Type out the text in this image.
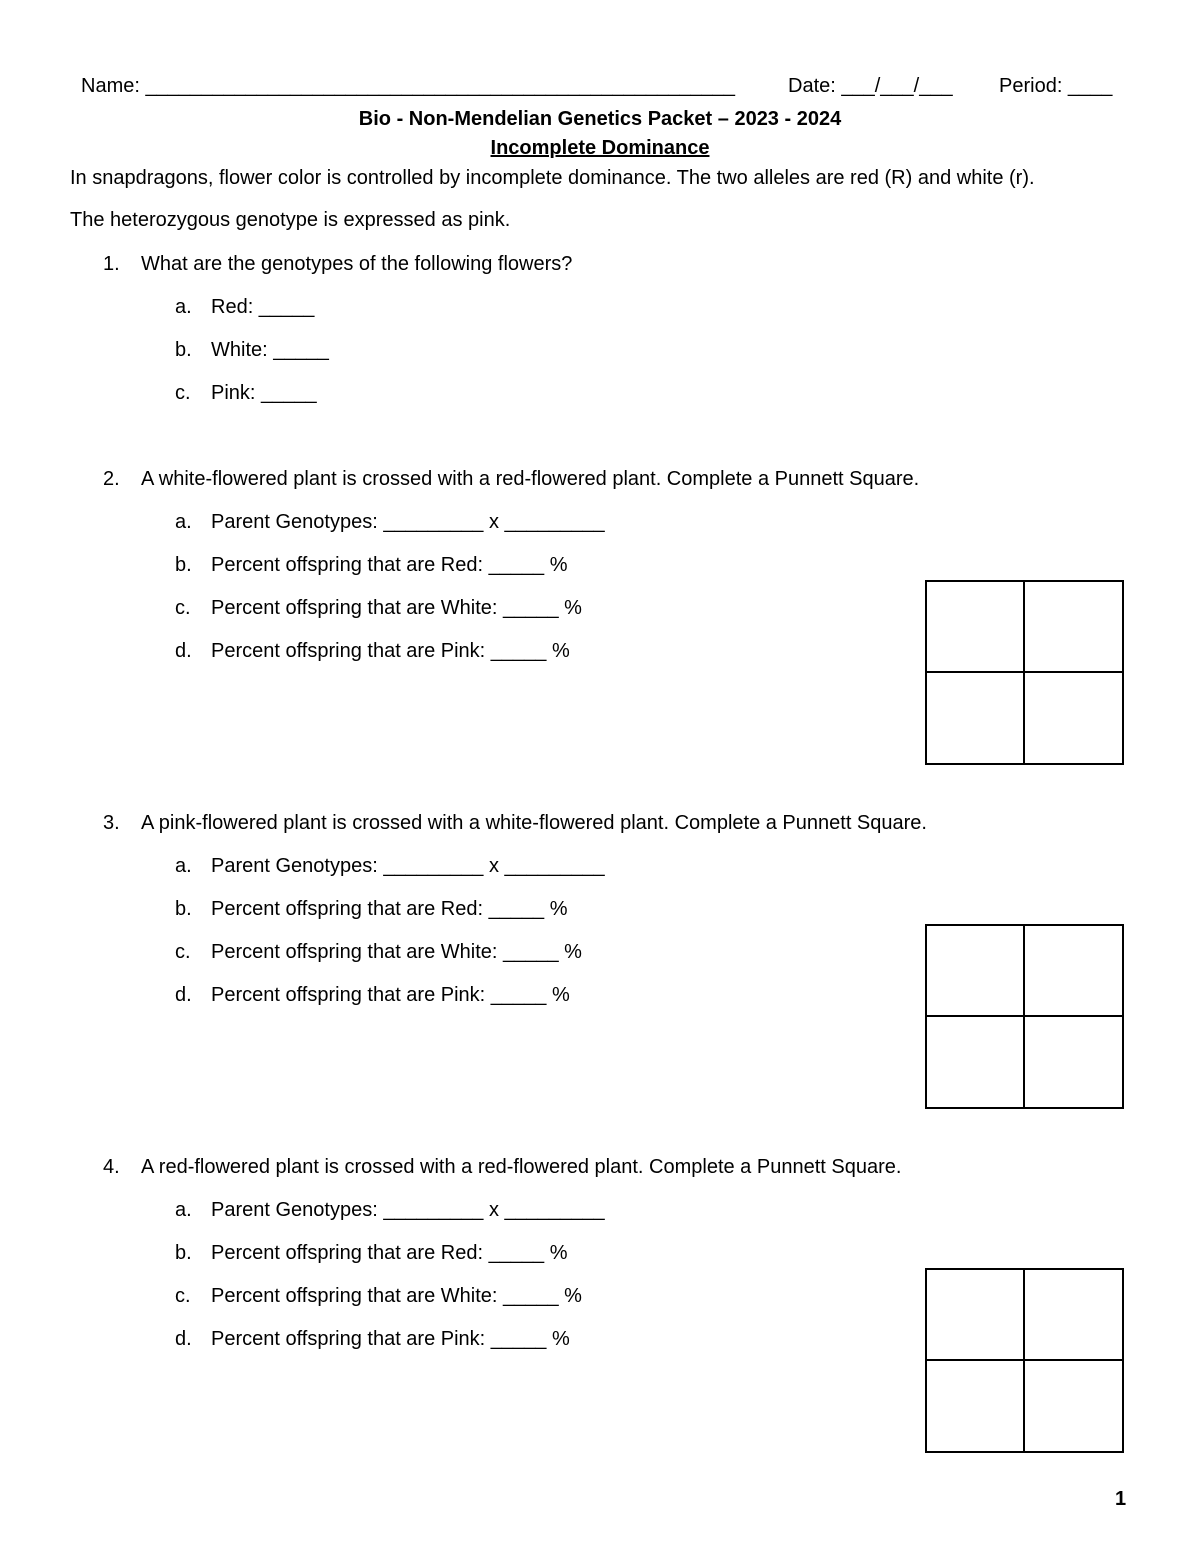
Name: _____________________________________________________	Date: ___/___/___ Period: ____
Bio - Non-Mendelian Genetics Packet – 2023 - 2024
Incomplete Dominance
In snapdragons, flower color is controlled by incomplete dominance. The two alleles are red (R) and white (r).
The heterozygous genotype is expressed as pink.
1. What are the genotypes of the following flowers?
a. Red: _____
b. White: _____
c. Pink: _____
2. A white-flowered plant is crossed with a red-flowered plant. Complete a Punnett Square.
a. Parent Genotypes: _________ x _________
b. Percent offspring that are Red: _____ %
c. Percent offspring that are White: _____ %
d. Percent offspring that are Pink: _____ %
3. A pink-flowered plant is crossed with a white-flowered plant. Complete a Punnett Square.
a. Parent Genotypes: _________ x _________
b. Percent offspring that are Red: _____ %
c. Percent offspring that are White: _____ %
d. Percent offspring that are Pink: _____ %
4. A red-flowered plant is crossed with a red-flowered plant. Complete a Punnett Square.
a. Parent Genotypes: _________ x _________
b. Percent offspring that are Red: _____ %
c. Percent offspring that are White: _____ %
d. Percent offspring that are Pink: _____ %
1
